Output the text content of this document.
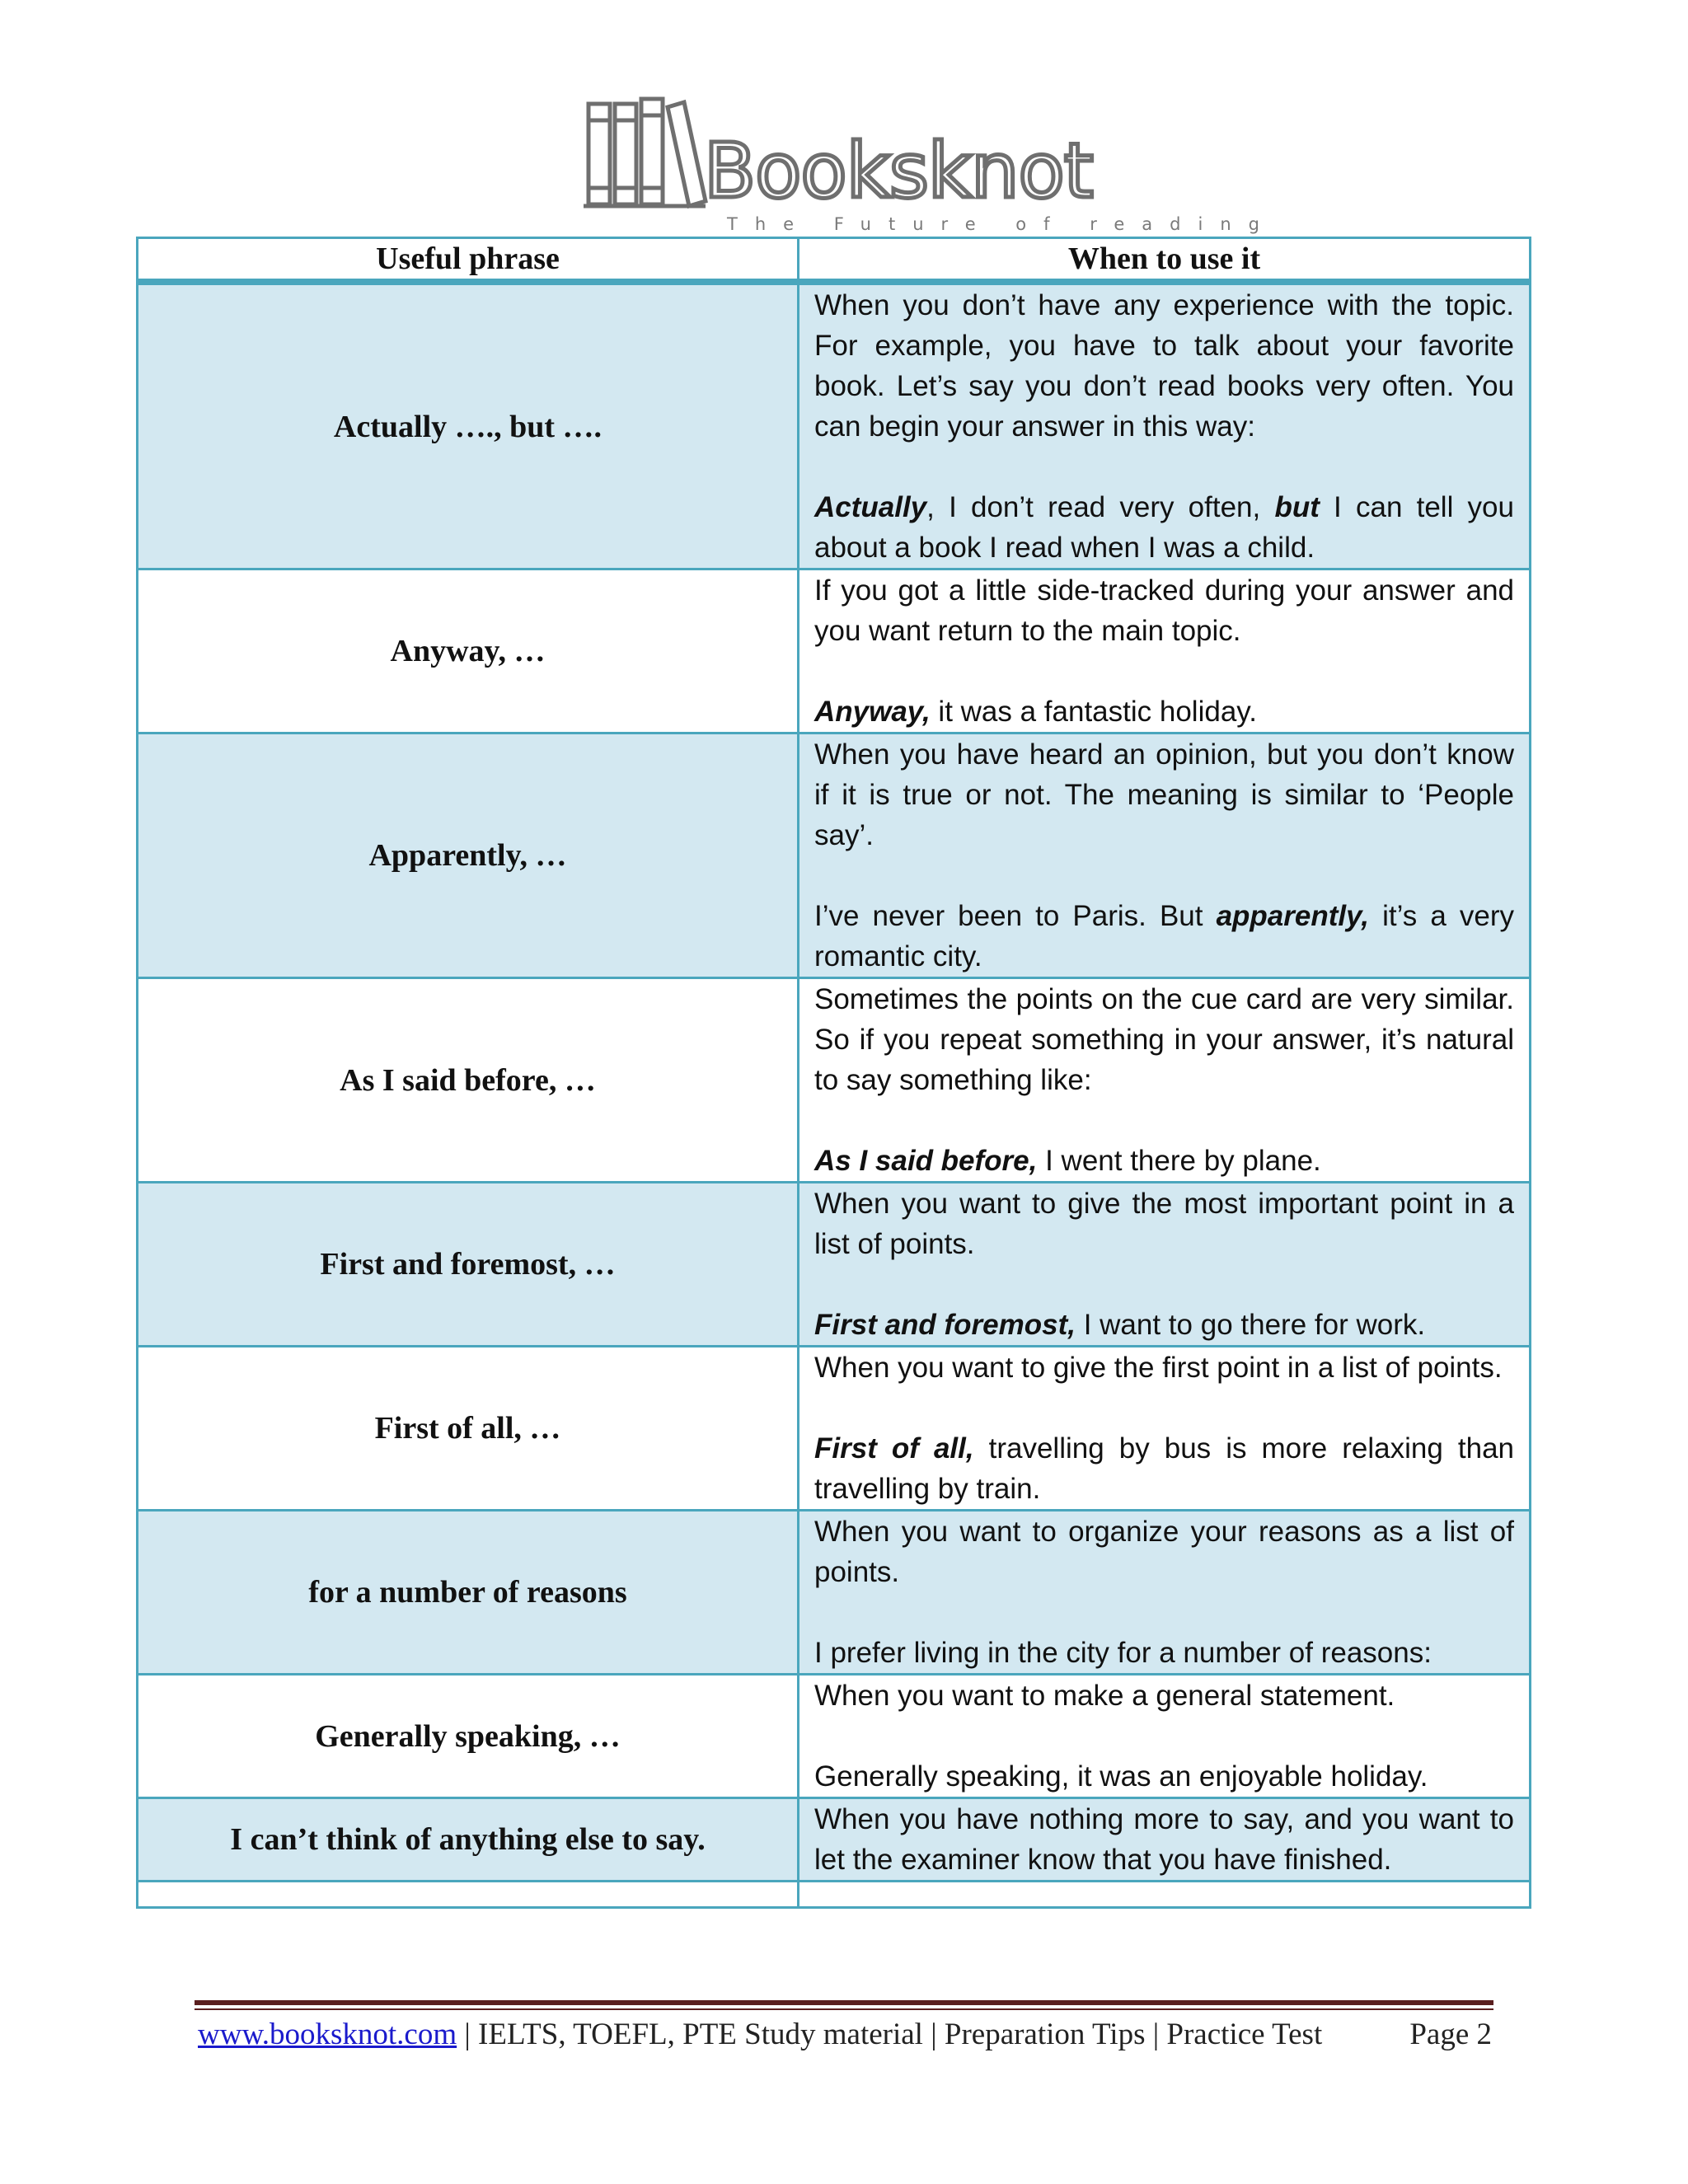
Booksknot
The Future of reading
Useful phrase	When to use it
Actually …., but ….	When you don’t have any experience with the topic. For example, you have to talk about your favorite book. Let’s say you don’t read books very often. You can begin your answer in this way:

Actually, I don’t read very often, but I can tell you about a book I read when I was a child.

Anyway, …	If you got a little side-tracked during your answer and you want return to the main topic.

Anyway, it was a fantastic holiday.

Apparently, …	When you have heard an opinion, but you don’t know if it is true or not. The meaning is similar to ‘People say’.

I’ve never been to Paris. But apparently, it’s a very romantic city.

As I said before, …	Sometimes the points on the cue card are very similar. So if you repeat something in your answer, it’s natural to say something like:

As I said before, I went there by plane.

First and foremost, …	When you want to give the most important point in a list of points.

First and foremost, I want to go there for work.

First of all, …	When you want to give the first point in a list of points.

First of all, travelling by bus is more relaxing than travelling by train.

for a number of reasons	When you want to organize your reasons as a list of points.

I prefer living in the city for a number of reasons:

Generally speaking, …	When you want to make a general statement.

Generally speaking, it was an enjoyable holiday.

I can’t think of anything else to say.	When you have nothing more to say, and you want to let the examiner know that you have finished.

www.booksknot.com | IELTS, TOEFL, PTE Study material | Preparation Tips | Practice Test	Page 2
